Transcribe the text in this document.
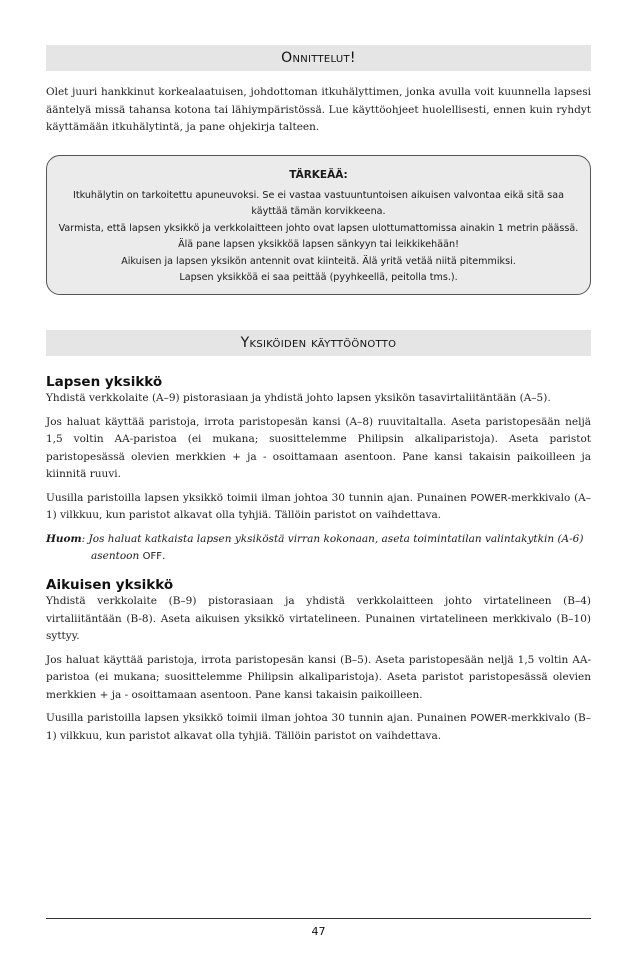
Onnittelut!

Olet juuri hankkinut korkealaatuisen, johdottoman itkuhälyttimen, jonka avulla voit kuunnella lapsesi ääntelyä missä tahansa kotona tai lähiympäristössä. Lue käyttöohjeet huolellisesti, ennen kuin ryhdyt käyttämään itkuhälytintä, ja pane ohjekirja talteen.

TÄRKEÄÄ:
Itkuhälytin on tarkoitettu apuneuvoksi. Se ei vastaa vastuuntuntoisen aikuisen valvontaa eikä sitä saa käyttää tämän korvikkeena.
Varmista, että lapsen yksikkö ja verkkolaitteen johto ovat lapsen ulottumattomissa ainakin 1 metrin päässä. Älä pane lapsen yksikköä lapsen sänkyyn tai leikkikehään!
Aikuisen ja lapsen yksikön antennit ovat kiinteitä. Älä yritä vetää niitä pitemmiksi.
Lapsen yksikköä ei saa peittää (pyyhkeellä, peitolla tms.).
Yksiköiden käyttöönotto
Lapsen yksikkö

Yhdistä verkkolaite (A–9) pistorasiaan ja yhdistä johto lapsen yksikön tasavirtaliitäntään (A–5).

Jos haluat käyttää paristoja, irrota paristopesän kansi (A–8) ruuvitaltalla. Aseta paristopesään neljä 1,5 voltin AA-paristoa (ei mukana; suosittelemme Philipsin alkaliparistoja). Aseta paristot paristopesässä olevien merkkien + ja - osoittamaan asentoon. Pane kansi takaisin paikoilleen ja kiinnitä ruuvi.

Uusilla paristoilla lapsen yksikkö toimii ilman johtoa 30 tunnin ajan. Punainen POWER-merkkivalo (A–1) vilkkuu, kun paristot alkavat olla tyhjiä. Tällöin paristot on vaihdettava.

Huom: Jos haluat katkaista lapsen yksiköstä virran kokonaan, aseta toimintatilan valintakytkin (A-6) asentoon OFF.

Aikuisen yksikkö

Yhdistä verkkolaite (B–9) pistorasiaan ja yhdistä verkkolaitteen johto virtatelineen (B–4) virtaliitäntään (B-8). Aseta aikuisen yksikkö virtatelineen. Punainen virtatelineen merkkivalo (B–10) syttyy.

Jos haluat käyttää paristoja, irrota paristopesän kansi (B–5). Aseta paristopesään neljä 1,5 voltin AA-paristoa (ei mukana; suosittelemme Philipsin alkaliparistoja). Aseta paristot paristopesässä olevien merkkien + ja - osoittamaan asentoon. Pane kansi takaisin paikoilleen.

Uusilla paristoilla lapsen yksikkö toimii ilman johtoa 30 tunnin ajan. Punainen POWER-merkkivalo (B–1) vilkkuu, kun paristot alkavat olla tyhjiä. Tällöin paristot on vaihdettava.

47
